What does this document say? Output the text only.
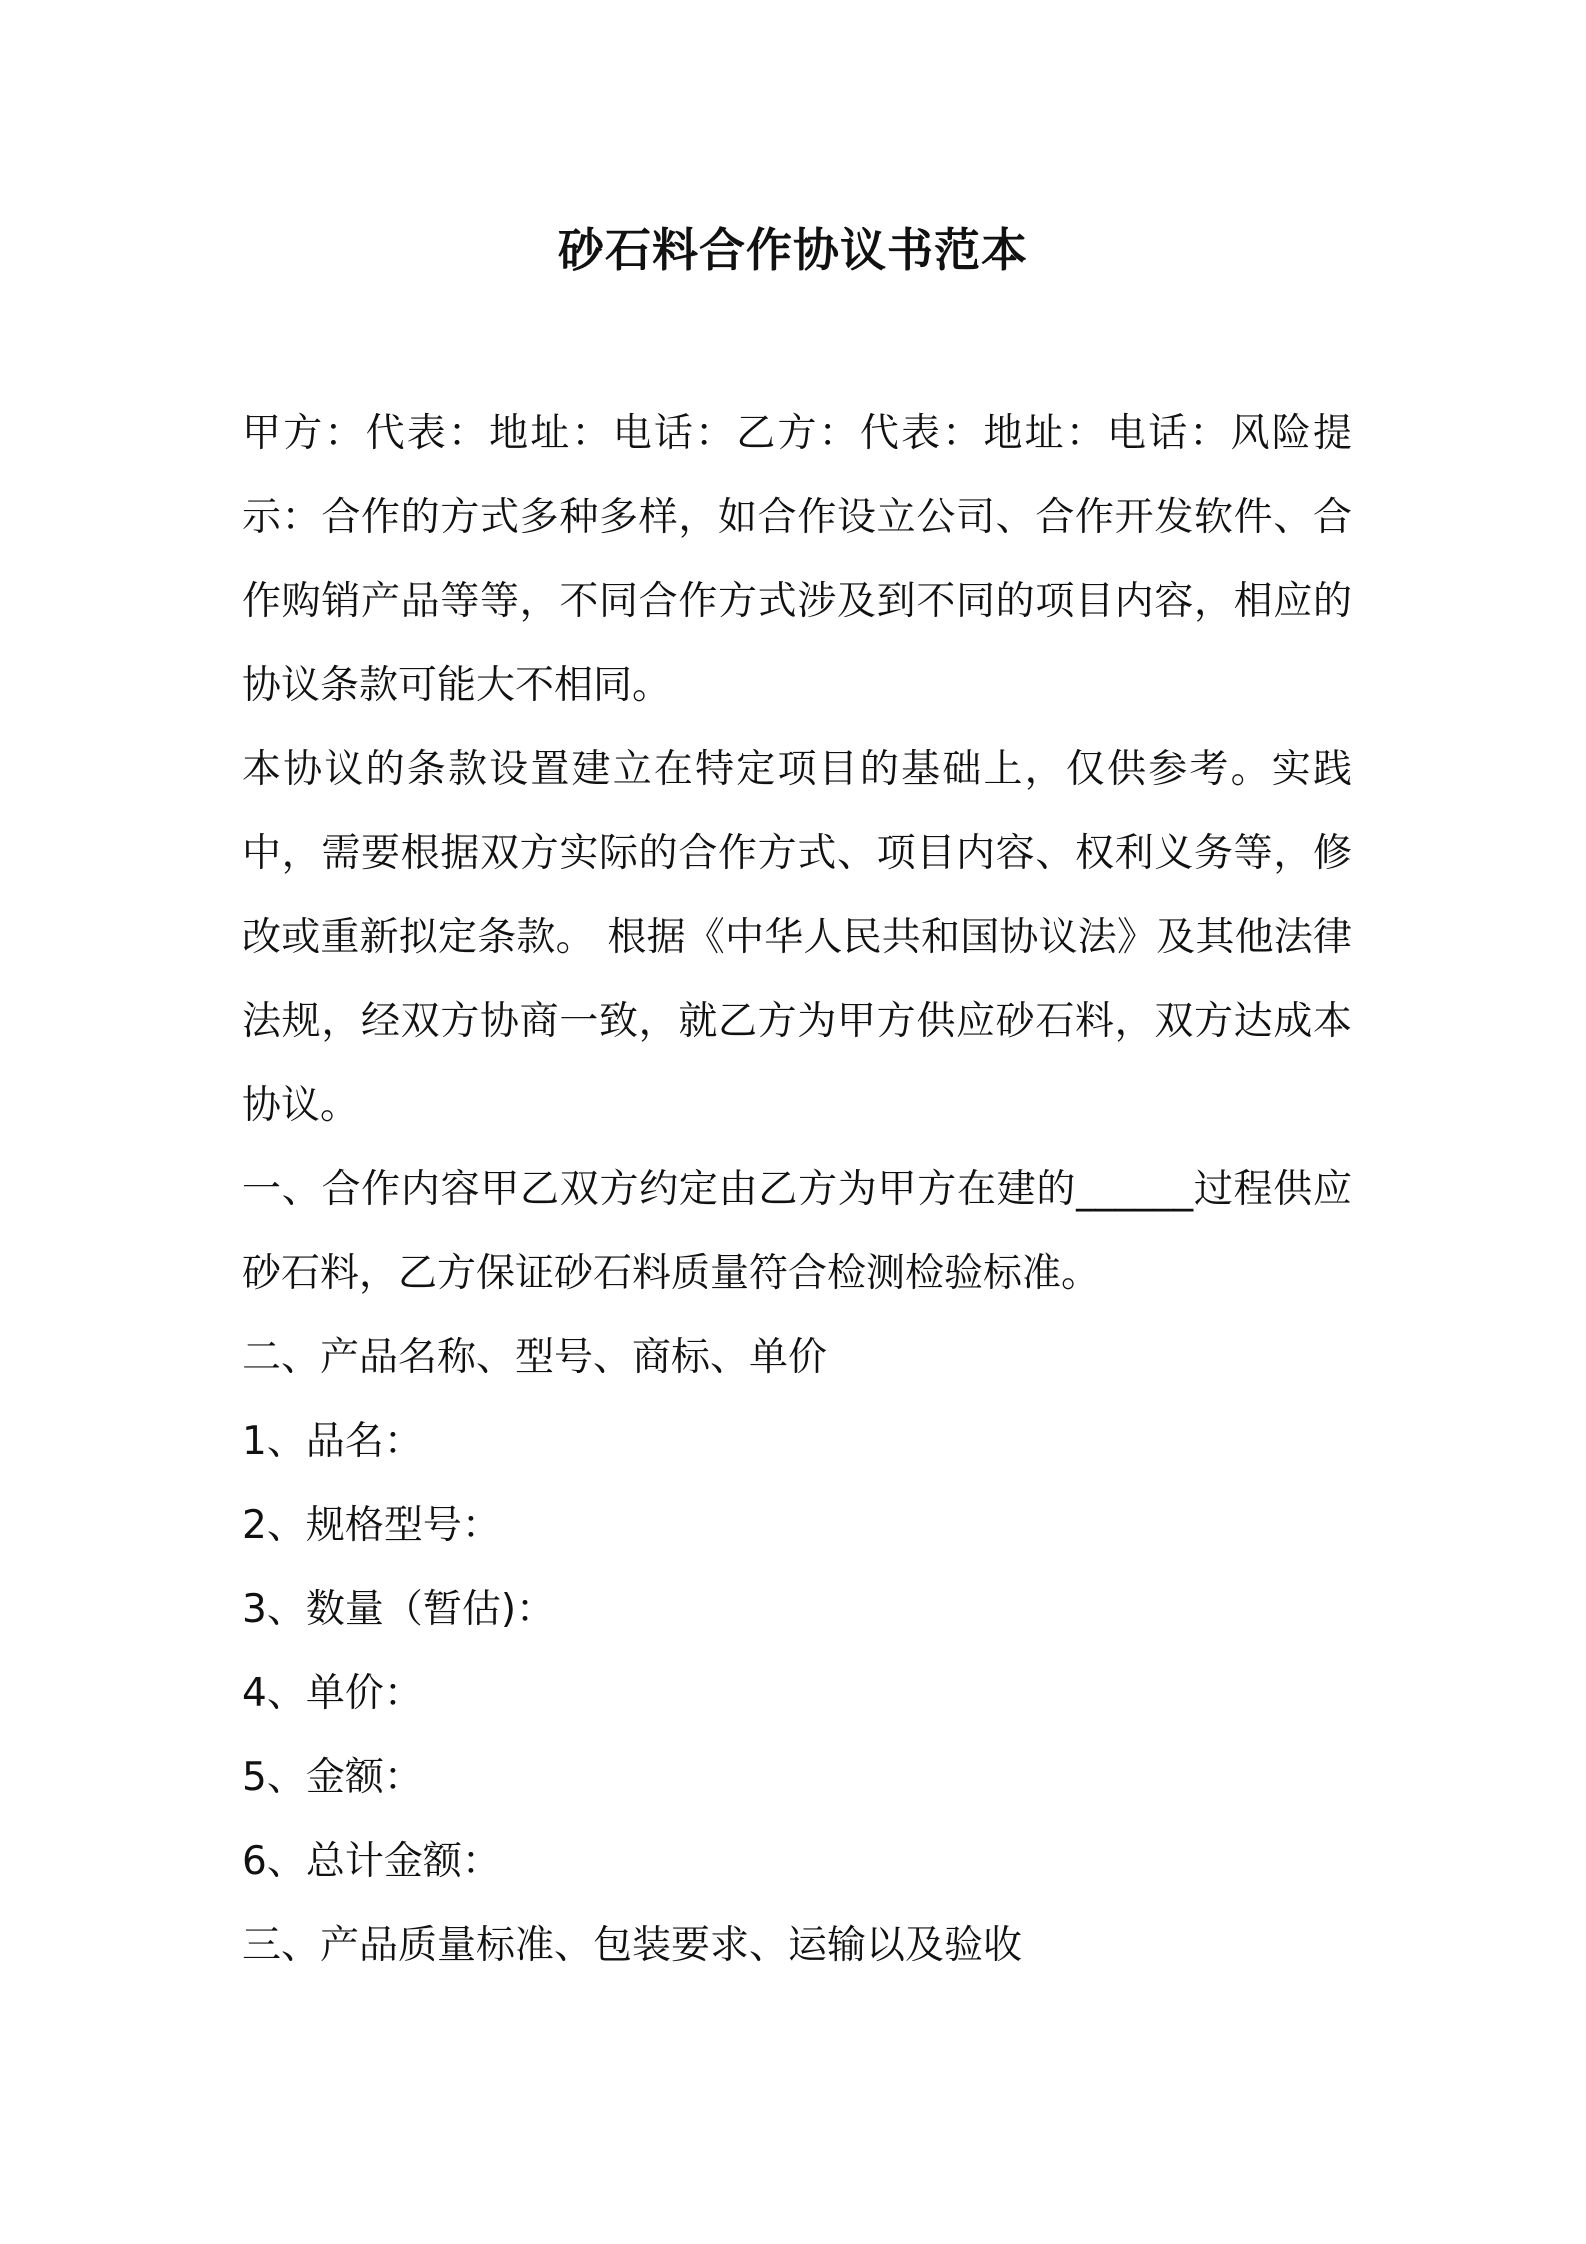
砂石料合作协议书范本

甲方：代表：地址：电话：乙方：代表：地址：电话：风险提示：合作的方式多种多样，如合作设立公司、合作开发软件、合作购销产品等等，不同合作方式涉及到不同的项目内容，相应的协议条款可能大不相同。

本协议的条款设置建立在特定项目的基础上，仅供参考。实践中，需要根据双方实际的合作方式、项目内容、权利义务等，修改或重新拟定条款。 根据《中华人民共和国协议法》及其他法律法规，经双方协商一致，就乙方为甲方供应砂石料，双方达成本协议。

一、合作内容甲乙双方约定由乙方为甲方在建的______过程供应砂石料，乙方保证砂石料质量符合检测检验标准。

二、产品名称、型号、商标、单价

1、品名：

2、规格型号：

3、数量（暂估)：

4、单价：

5、金额：

6、总计金额：

三、产品质量标准、包装要求、运输以及验收
